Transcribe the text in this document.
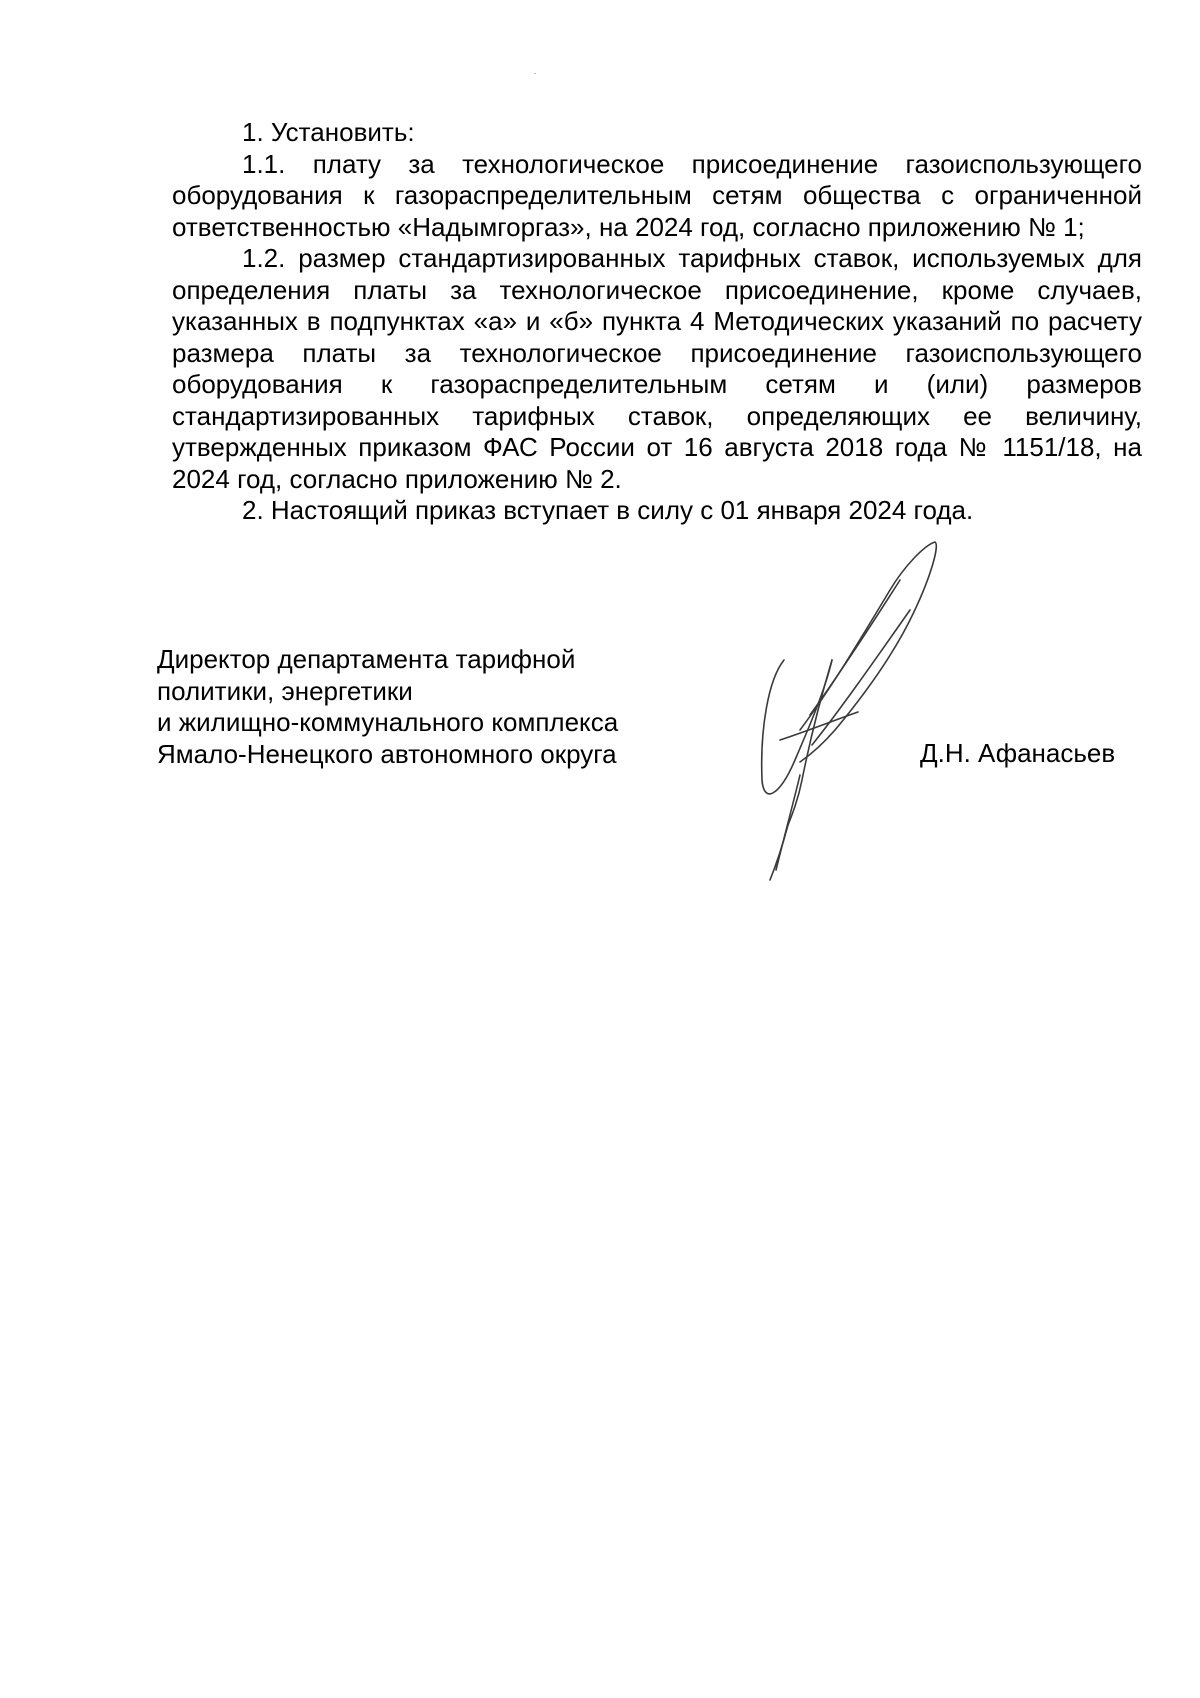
1. Установить:

1.1. плату за технологическое присоединение газоиспользующего оборудования к газораспределительным сетям общества с ограниченной ответственностью «Надымгоргаз», на 2024 год, согласно приложению № 1;

1.2. размер стандартизированных тарифных ставок, используемых для определения платы за технологическое присоединение, кроме случаев, указанных в подпунктах «а» и «б» пункта 4 Методических указаний по расчету размера платы за технологическое присоединение газоиспользующего оборудования к газораспределительным сетям и (или) размеров стандартизированных тарифных ставок, определяющих ее величину, утвержденных приказом ФАС России от 16 августа 2018 года № 1151/18, на 2024 год, согласно приложению № 2.

2. Настоящий приказ вступает в силу с 01 января 2024 года.

Директор департамента тарифной
политики, энергетики
и жилищно-коммунального комплекса
Ямало-Ненецкого автономного округа	Д.Н. Афанасьев
